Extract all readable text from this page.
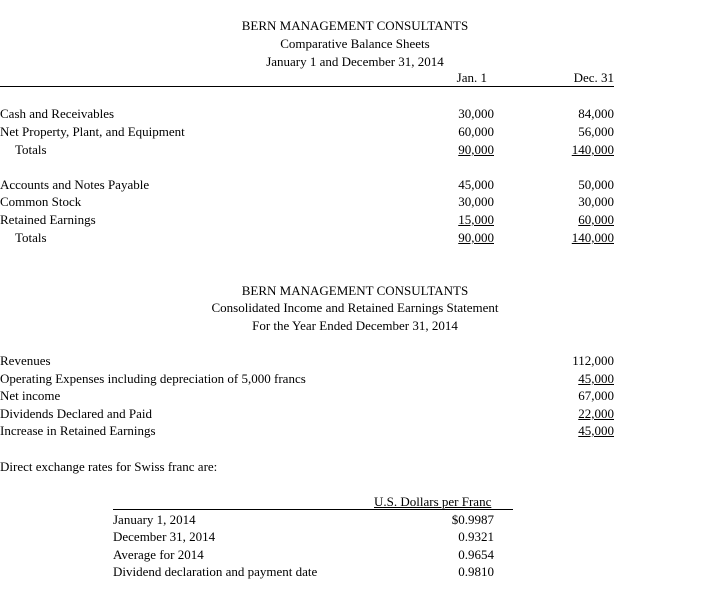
BERN MANAGEMENT CONSULTANTS
Comparative Balance Sheets
January 1 and December 31, 2014
Jan. 1	Dec. 31
Cash and Receivables	30,000	84,000
Net Property, Plant, and Equipment	60,000	56,000
Totals	90,000	140,000
Accounts and Notes Payable	45,000	50,000
Common Stock	30,000	30,000
Retained Earnings	15,000	60,000
Totals	90,000	140,000
BERN MANAGEMENT CONSULTANTS
Consolidated Income and Retained Earnings Statement
For the Year Ended December 31, 2014
Revenues	112,000
Operating Expenses including depreciation of 5,000 francs	45,000
Net income	67,000
Dividends Declared and Paid	22,000
Increase in Retained Earnings	45,000
Direct exchange rates for Swiss franc are:
U.S. Dollars per Franc
January 1, 2014	$0.9987
December 31, 2014	0.9321
Average for 2014	0.9654
Dividend declaration and payment date	0.9810
